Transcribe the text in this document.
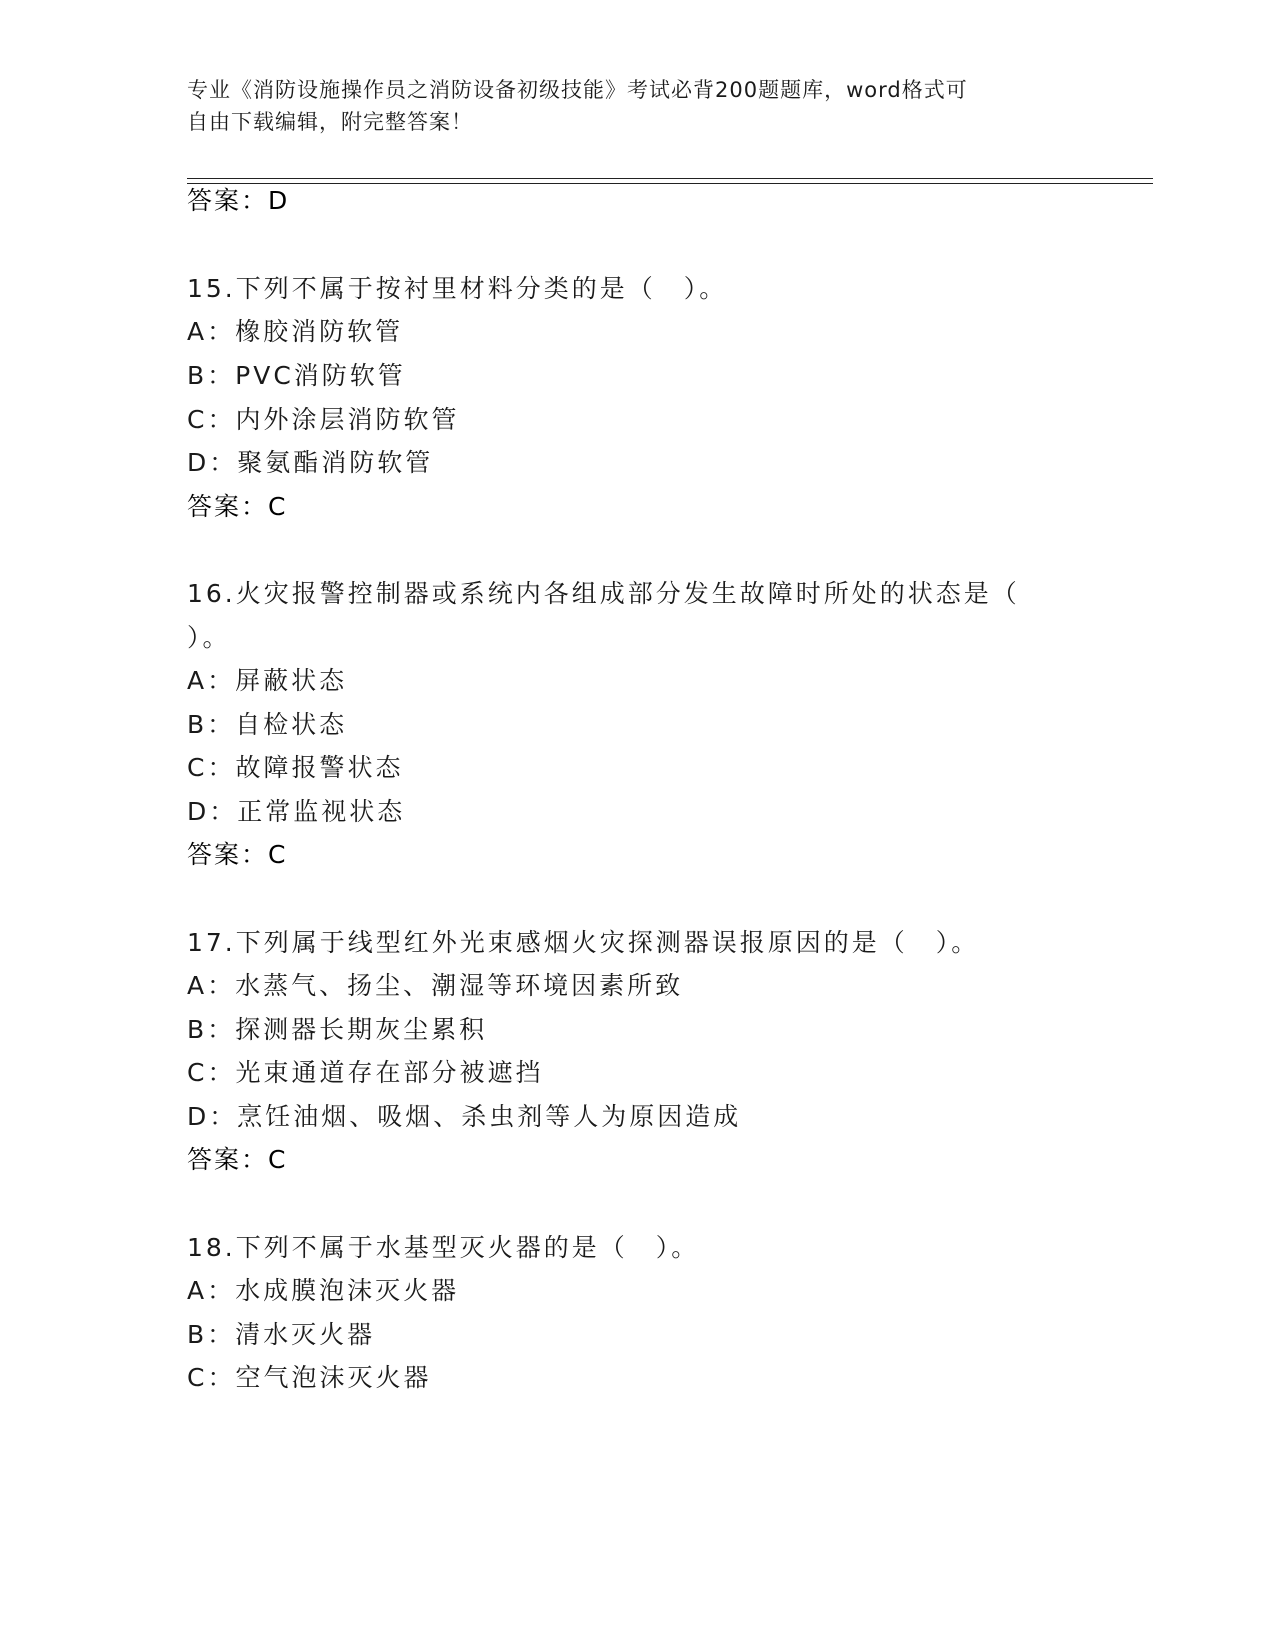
专业《消防设施操作员之消防设备初级技能》考试必背200题题库，word格式可
自由下载编辑，附完整答案！
答案：D
15.下列不属于按衬里材料分类的是（　）。
A：橡胶消防软管
B：PVC消防软管
C：内外涂层消防软管
D：聚氨酯消防软管
答案：C
16.火灾报警控制器或系统内各组成部分发生故障时所处的状态是（
）。
A：屏蔽状态
B：自检状态
C：故障报警状态
D：正常监视状态
答案：C
17.下列属于线型红外光束感烟火灾探测器误报原因的是（　）。
A：水蒸气、扬尘、潮湿等环境因素所致
B：探测器长期灰尘累积
C：光束通道存在部分被遮挡
D：烹饪油烟、吸烟、杀虫剂等人为原因造成
答案：C
18.下列不属于水基型灭火器的是（　）。
A：水成膜泡沫灭火器
B：清水灭火器
C：空气泡沫灭火器
